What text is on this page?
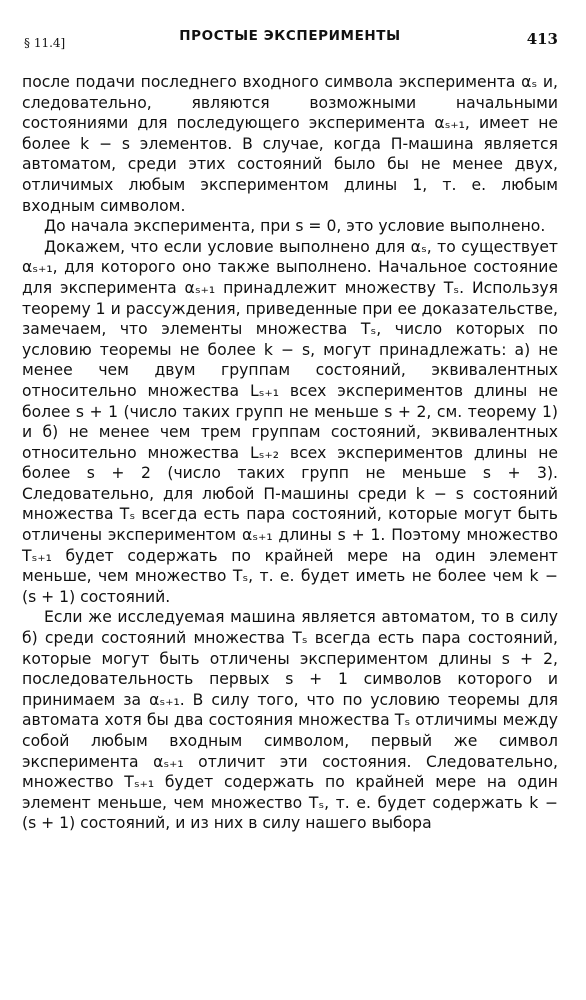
§ 11.4]	ПРОСТЫЕ ЭКСПЕРИМЕНТЫ	413

после подачи последнего входного символа эксперимента αₛ и, следовательно, являются возможными начальными состояниями для последующего эксперимента αₛ₊₁, имеет не более k − s элементов. В случае, когда П-машина является автоматом, среди этих состояний было бы не менее двух, отличимых любым экспериментом длины 1, т. е. любым входным символом.

До начала эксперимента, при s = 0, это условие выполнено.

Докажем, что если условие выполнено для αₛ, то существует αₛ₊₁, для которого оно также выполнено. Начальное состояние для эксперимента αₛ₊₁ принадлежит множеству Tₛ. Используя теорему 1 и рассуждения, приведенные при ее доказательстве, замечаем, что элементы множества Tₛ, число которых по условию теоремы не более k − s, могут принадлежать: а) не менее чем двум группам состояний, эквивалентных относительно множества Lₛ₊₁ всех экспериментов длины не более s + 1 (число таких групп не меньше s + 2, см. теорему 1) и б) не менее чем трем группам состояний, эквивалентных относительно множества Lₛ₊₂ всех экспериментов длины не более s + 2 (число таких групп не меньше s + 3). Следовательно, для любой П-машины среди k − s состояний множества Tₛ всегда есть пара состояний, которые могут быть отличены экспериментом αₛ₊₁ длины s + 1. Поэтому множество Tₛ₊₁ будет содержать по крайней мере на один элемент меньше, чем множество Tₛ, т. е. будет иметь не более чем k − (s + 1) состояний.

Если же исследуемая машина является автоматом, то в силу б) среди состояний множества Tₛ всегда есть пара состояний, которые могут быть отличены экспериментом длины s + 2, последовательность первых s + 1 символов которого и принимаем за αₛ₊₁. В силу того, что по условию теоремы для автомата хотя бы два состояния множества Tₛ отличимы между собой любым входным символом, первый же символ эксперимента αₛ₊₁ отличит эти состояния. Следовательно, множество Tₛ₊₁ будет содержать по крайней мере на один элемент меньше, чем множество Tₛ, т. е. будет содержать k − (s + 1) состояний, и из них в силу нашего выбора
